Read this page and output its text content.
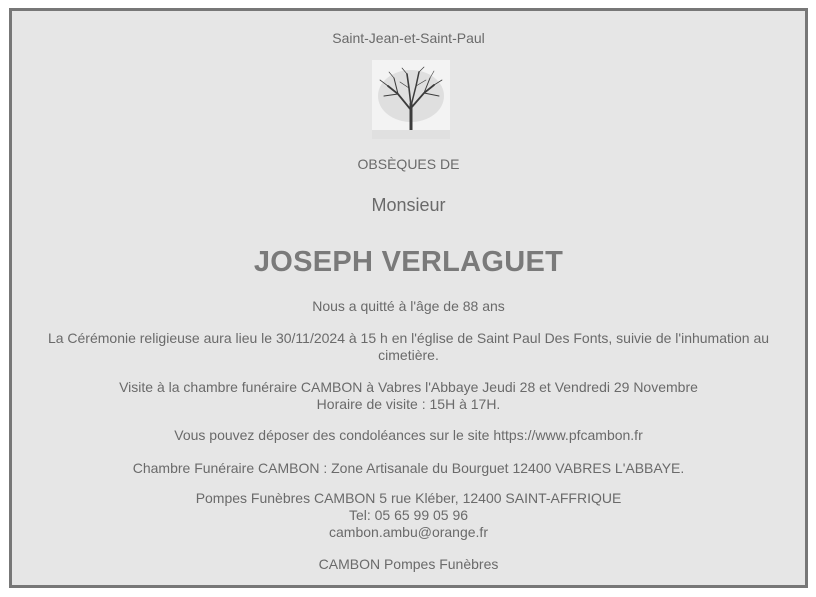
Saint-Jean-et-Saint-Paul
OBSÈQUES DE
Monsieur
JOSEPH VERLAGUET
Nous a quitté à l'âge de 88 ans
La Cérémonie religieuse aura lieu le 30/11/2024 à 15 h en l'église de Saint Paul Des Fonts, suivie de l'inhumation au cimetière.
Visite à la chambre funéraire CAMBON à Vabres l'Abbaye Jeudi 28 et Vendredi 29 Novembre
Horaire de visite : 15H à 17H.
Vous pouvez déposer des condoléances sur le site https://www.pfcambon.fr
Chambre Funéraire CAMBON : Zone Artisanale du Bourguet 12400 VABRES L'ABBAYE.
Pompes Funèbres CAMBON 5 rue Kléber, 12400 SAINT-AFFRIQUE
Tel: 05 65 99 05 96
cambon.ambu@orange.fr
CAMBON Pompes Funèbres
